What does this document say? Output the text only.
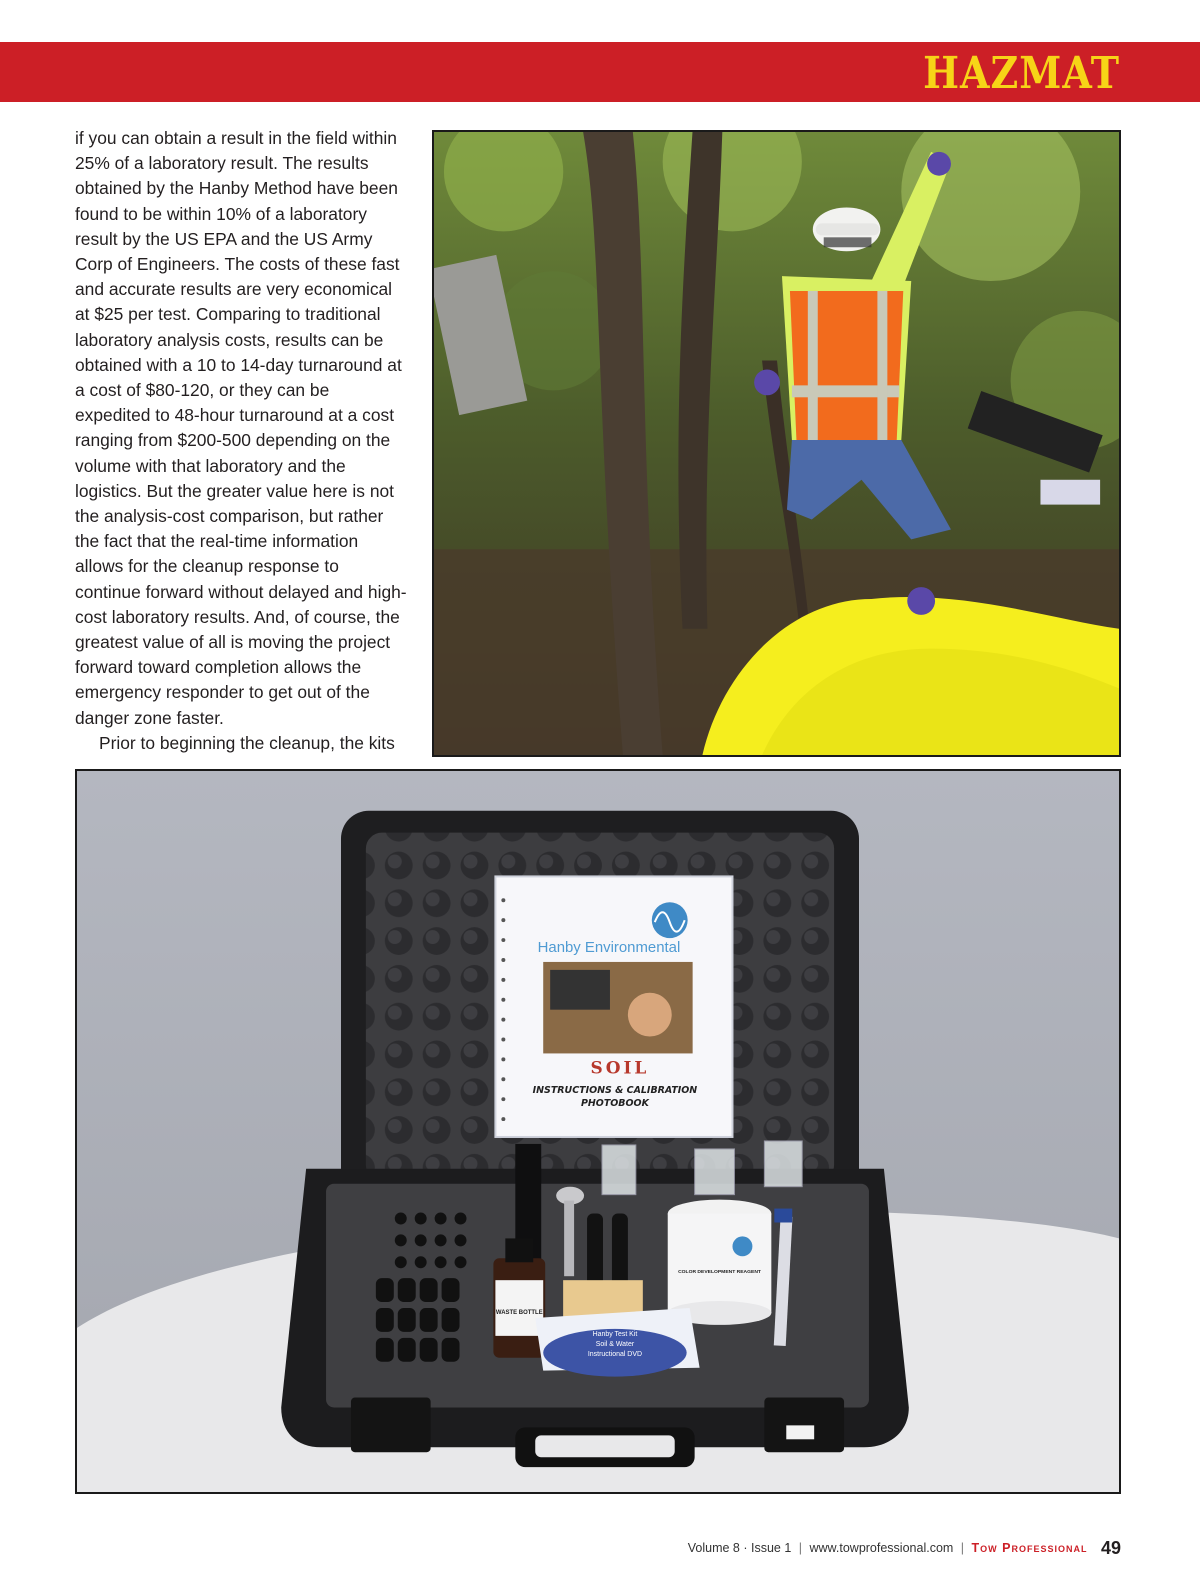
HAZMAT

if you can obtain a result in the field within 25% of a laboratory result. The results obtained by the Hanby Method have been found to be within 10% of a laboratory result by the US EPA and the US Army Corp of Engineers. The costs of these fast and accurate results are very economical at $25 per test. Comparing to traditional laboratory analysis costs, results can be obtained with a 10 to 14-day turnaround at a cost of $80-120, or they can be expedited to 48-hour turnaround at a cost ranging from $200-500 depending on the volume with that laboratory and the logistics. But the greater value here is not the analysis-cost comparison, but rather the fact that the real-time information allows for the cleanup response to continue forward without delayed and high-cost laboratory results. And, of course, the greatest value of all is moving the project forward toward completion allows the emergency responder to get out of the danger zone faster.

Prior to beginning the cleanup, the kits

Hanby Environmental
SOIL
INSTRUCTIONS & CALIBRATION
PHOTOBOOK
WASTE BOTTLE
COLOR DEVELOPMENT REAGENT
Hanby Test Kit
Soil & Water
Instructional DVD
Volume 8 · Issue 1 | www.towprofessional.com | Tow Professional 49
